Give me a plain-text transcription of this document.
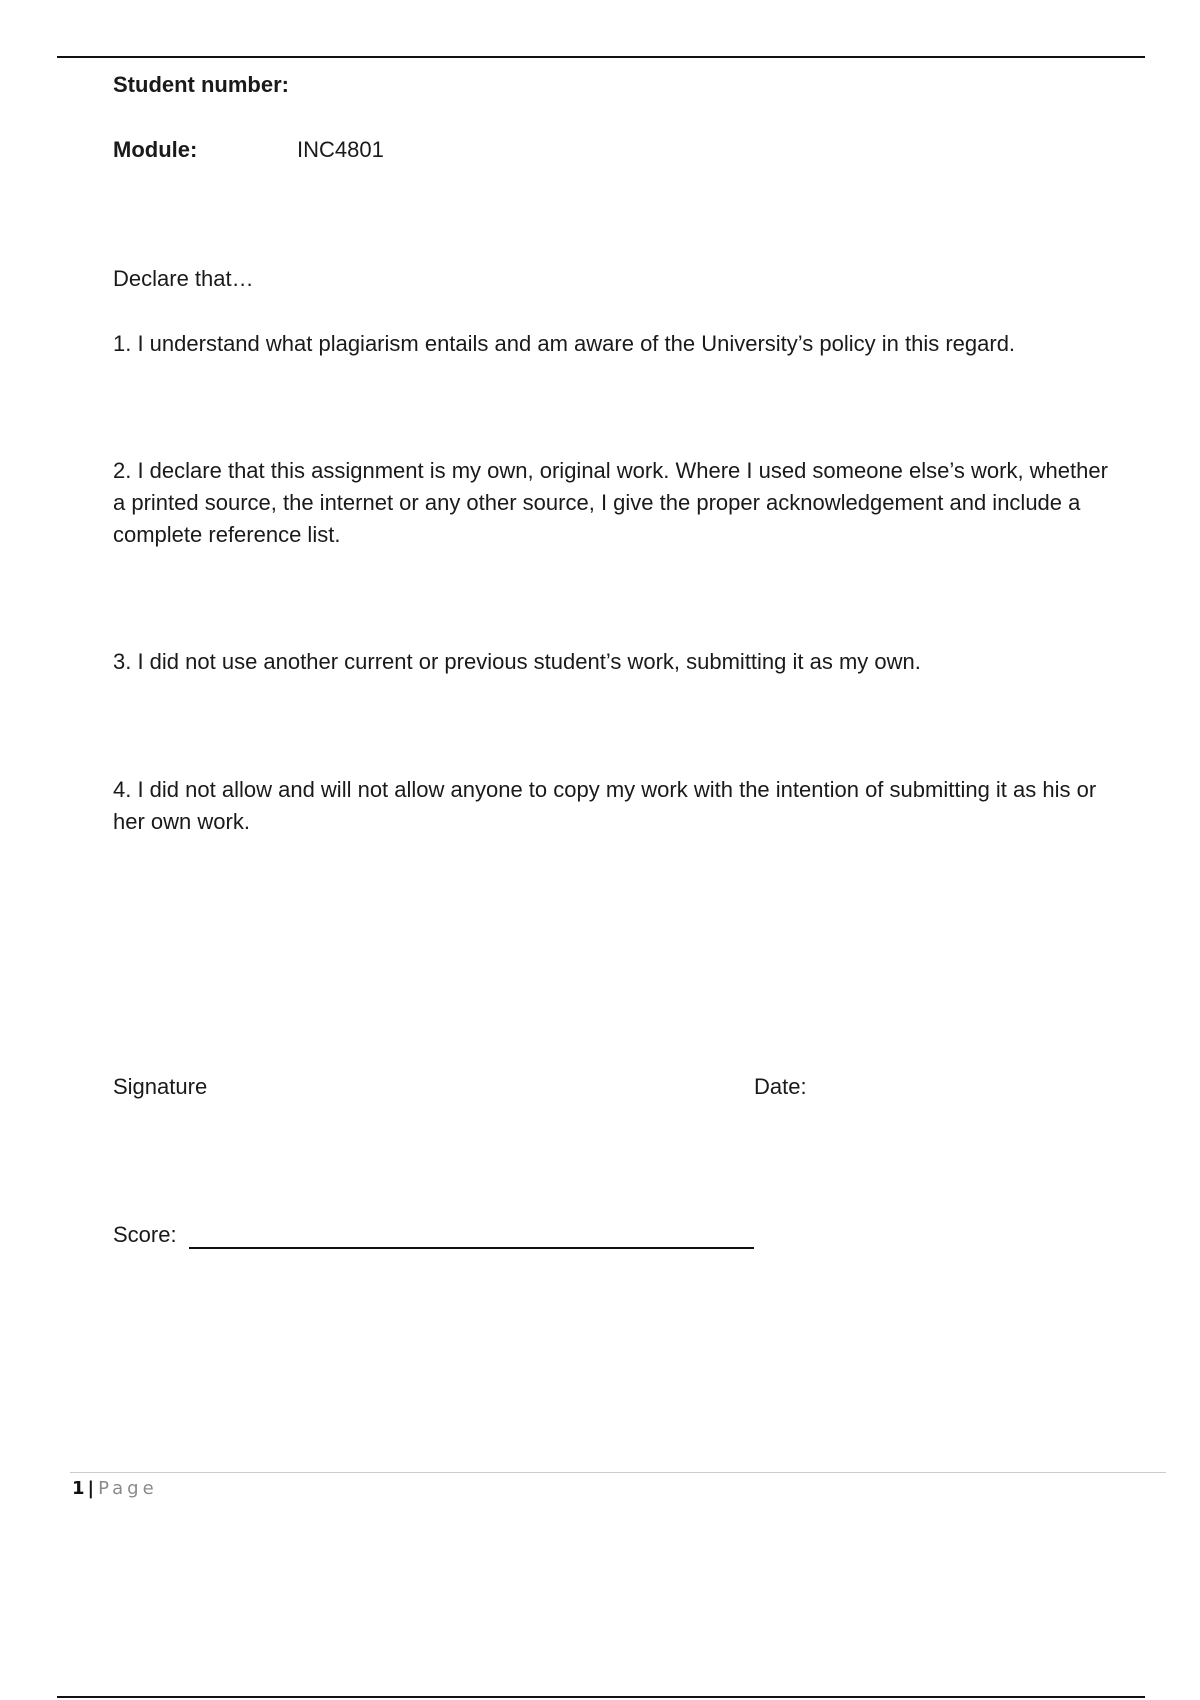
Student number:
Module:	INC4801
Declare that…
1. I understand what plagiarism entails and am aware of the University’s policy in this regard.
2. I declare that this assignment is my own, original work. Where I used someone else’s work, whether a printed source, the internet or any other source, I give the proper acknowledgement and include a complete reference list.
3. I did not use another current or previous student’s work, submitting it as my own.
4. I did not allow and will not allow anyone to copy my work with the intention of submitting it as his or her own work.
Signature	Date:
Score:
1 | Page
